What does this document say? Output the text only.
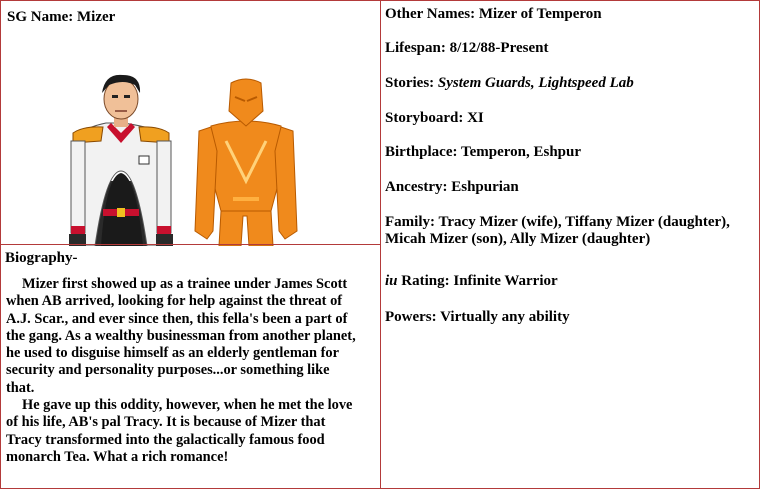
SG Name: Mizer
Biography-

Mizer first showed up as a trainee under James Scott when AB arrived, looking for help against the threat of A.J. Scar., and ever since then, this fella's been a part of the gang. As a wealthy businessman from another planet, he used to disguise himself as an elderly gentleman for security and personality purposes...or something like that.

He gave up this oddity, however, when he met the love of his life, AB's pal Tracy. It is because of Mizer that Tracy transformed into the galactically famous food monarch Tea. What a rich romance!

Other Names: Mizer of Temperon
Lifespan: 8/12/88-Present
Stories: System Guards, Lightspeed Lab
Storyboard: XI
Birthplace: Temperon, Eshpur
Ancestry: Eshpurian
Family: Tracy Mizer (wife), Tiffany Mizer (daughter), Micah Mizer (son), Ally Mizer (daughter)
iu Rating: Infinite Warrior
Powers: Virtually any ability
